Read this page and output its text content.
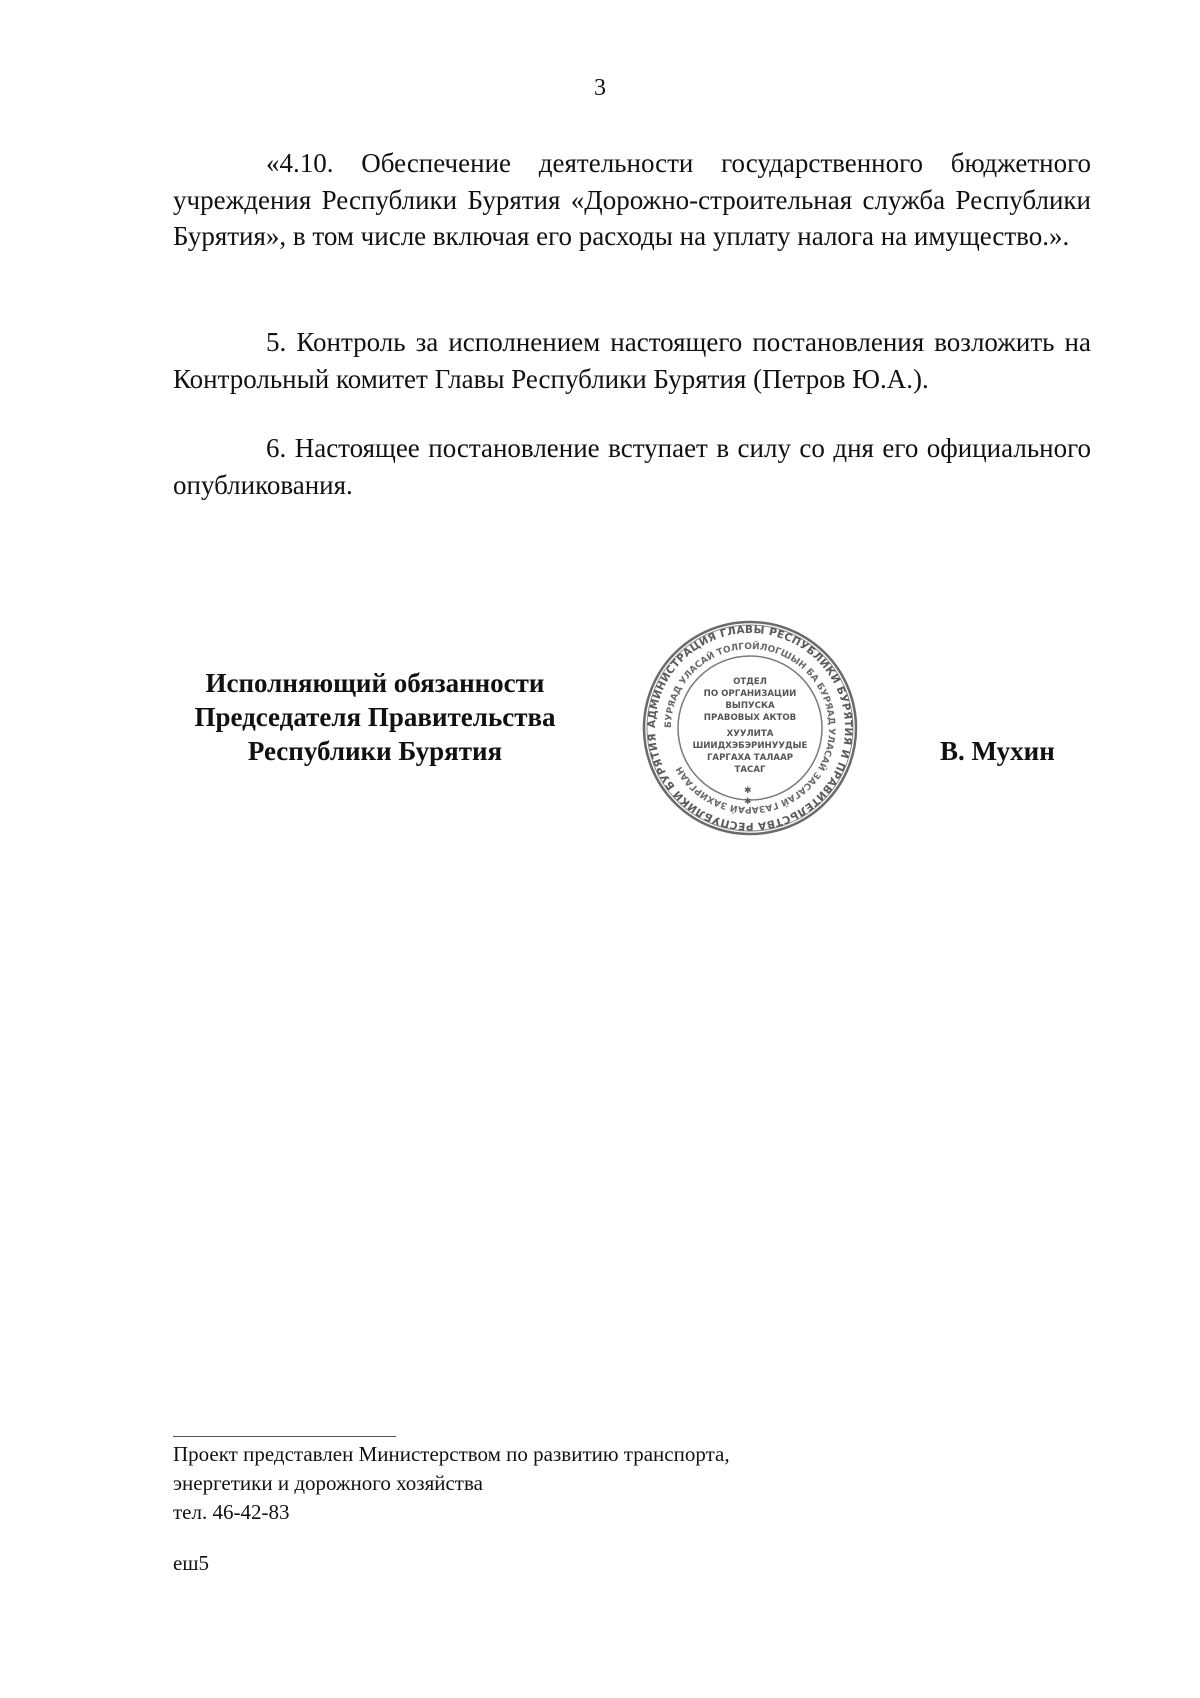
3

«4.10. Обеспечение деятельности государственного бюджетного учреждения Республики Бурятия «Дорожно-строительная служба Республики Бурятия», в том числе включая его расходы на уплату налога на имущество.».

5. Контроль за исполнением настоящего постановления возложить на Контрольный комитет Главы Республики Бурятия (Петров Ю.А.).

6. Настоящее постановление вступает в силу со дня его официального опубликования.

Исполняющий обязанности
Председателя Правительства
Республики Бурятия
АДМИНИСТРАЦИЯ ГЛАВЫ РЕСПУБЛИКИ БУРЯТИЯ И ПРАВИТЕЛЬСТВА РЕСПУБЛИКИ БУРЯТИЯ
БУРЯАД УЛАСАЙ ТОЛГОЙЛОГШЫН БА БУРЯАД УЛАСАЙ ЗАСАГАЙ ГАЗАРАЙ ЗАХИРГААН
ОТДЕЛ
ПО ОРГАНИЗАЦИИ
ВЫПУСКА
ПРАВОВЫХ АКТОВ
ХУУЛИТА
ШИИДХЭБЭРИНУУДЫЕ
ГАРГАХА ТАЛААР
ТАСАГ
✱
✱
В. Мухин
Проект представлен Министерством по развитию транспорта,
энергетики и дорожного хозяйства
тел. 46-42-83
еш5
